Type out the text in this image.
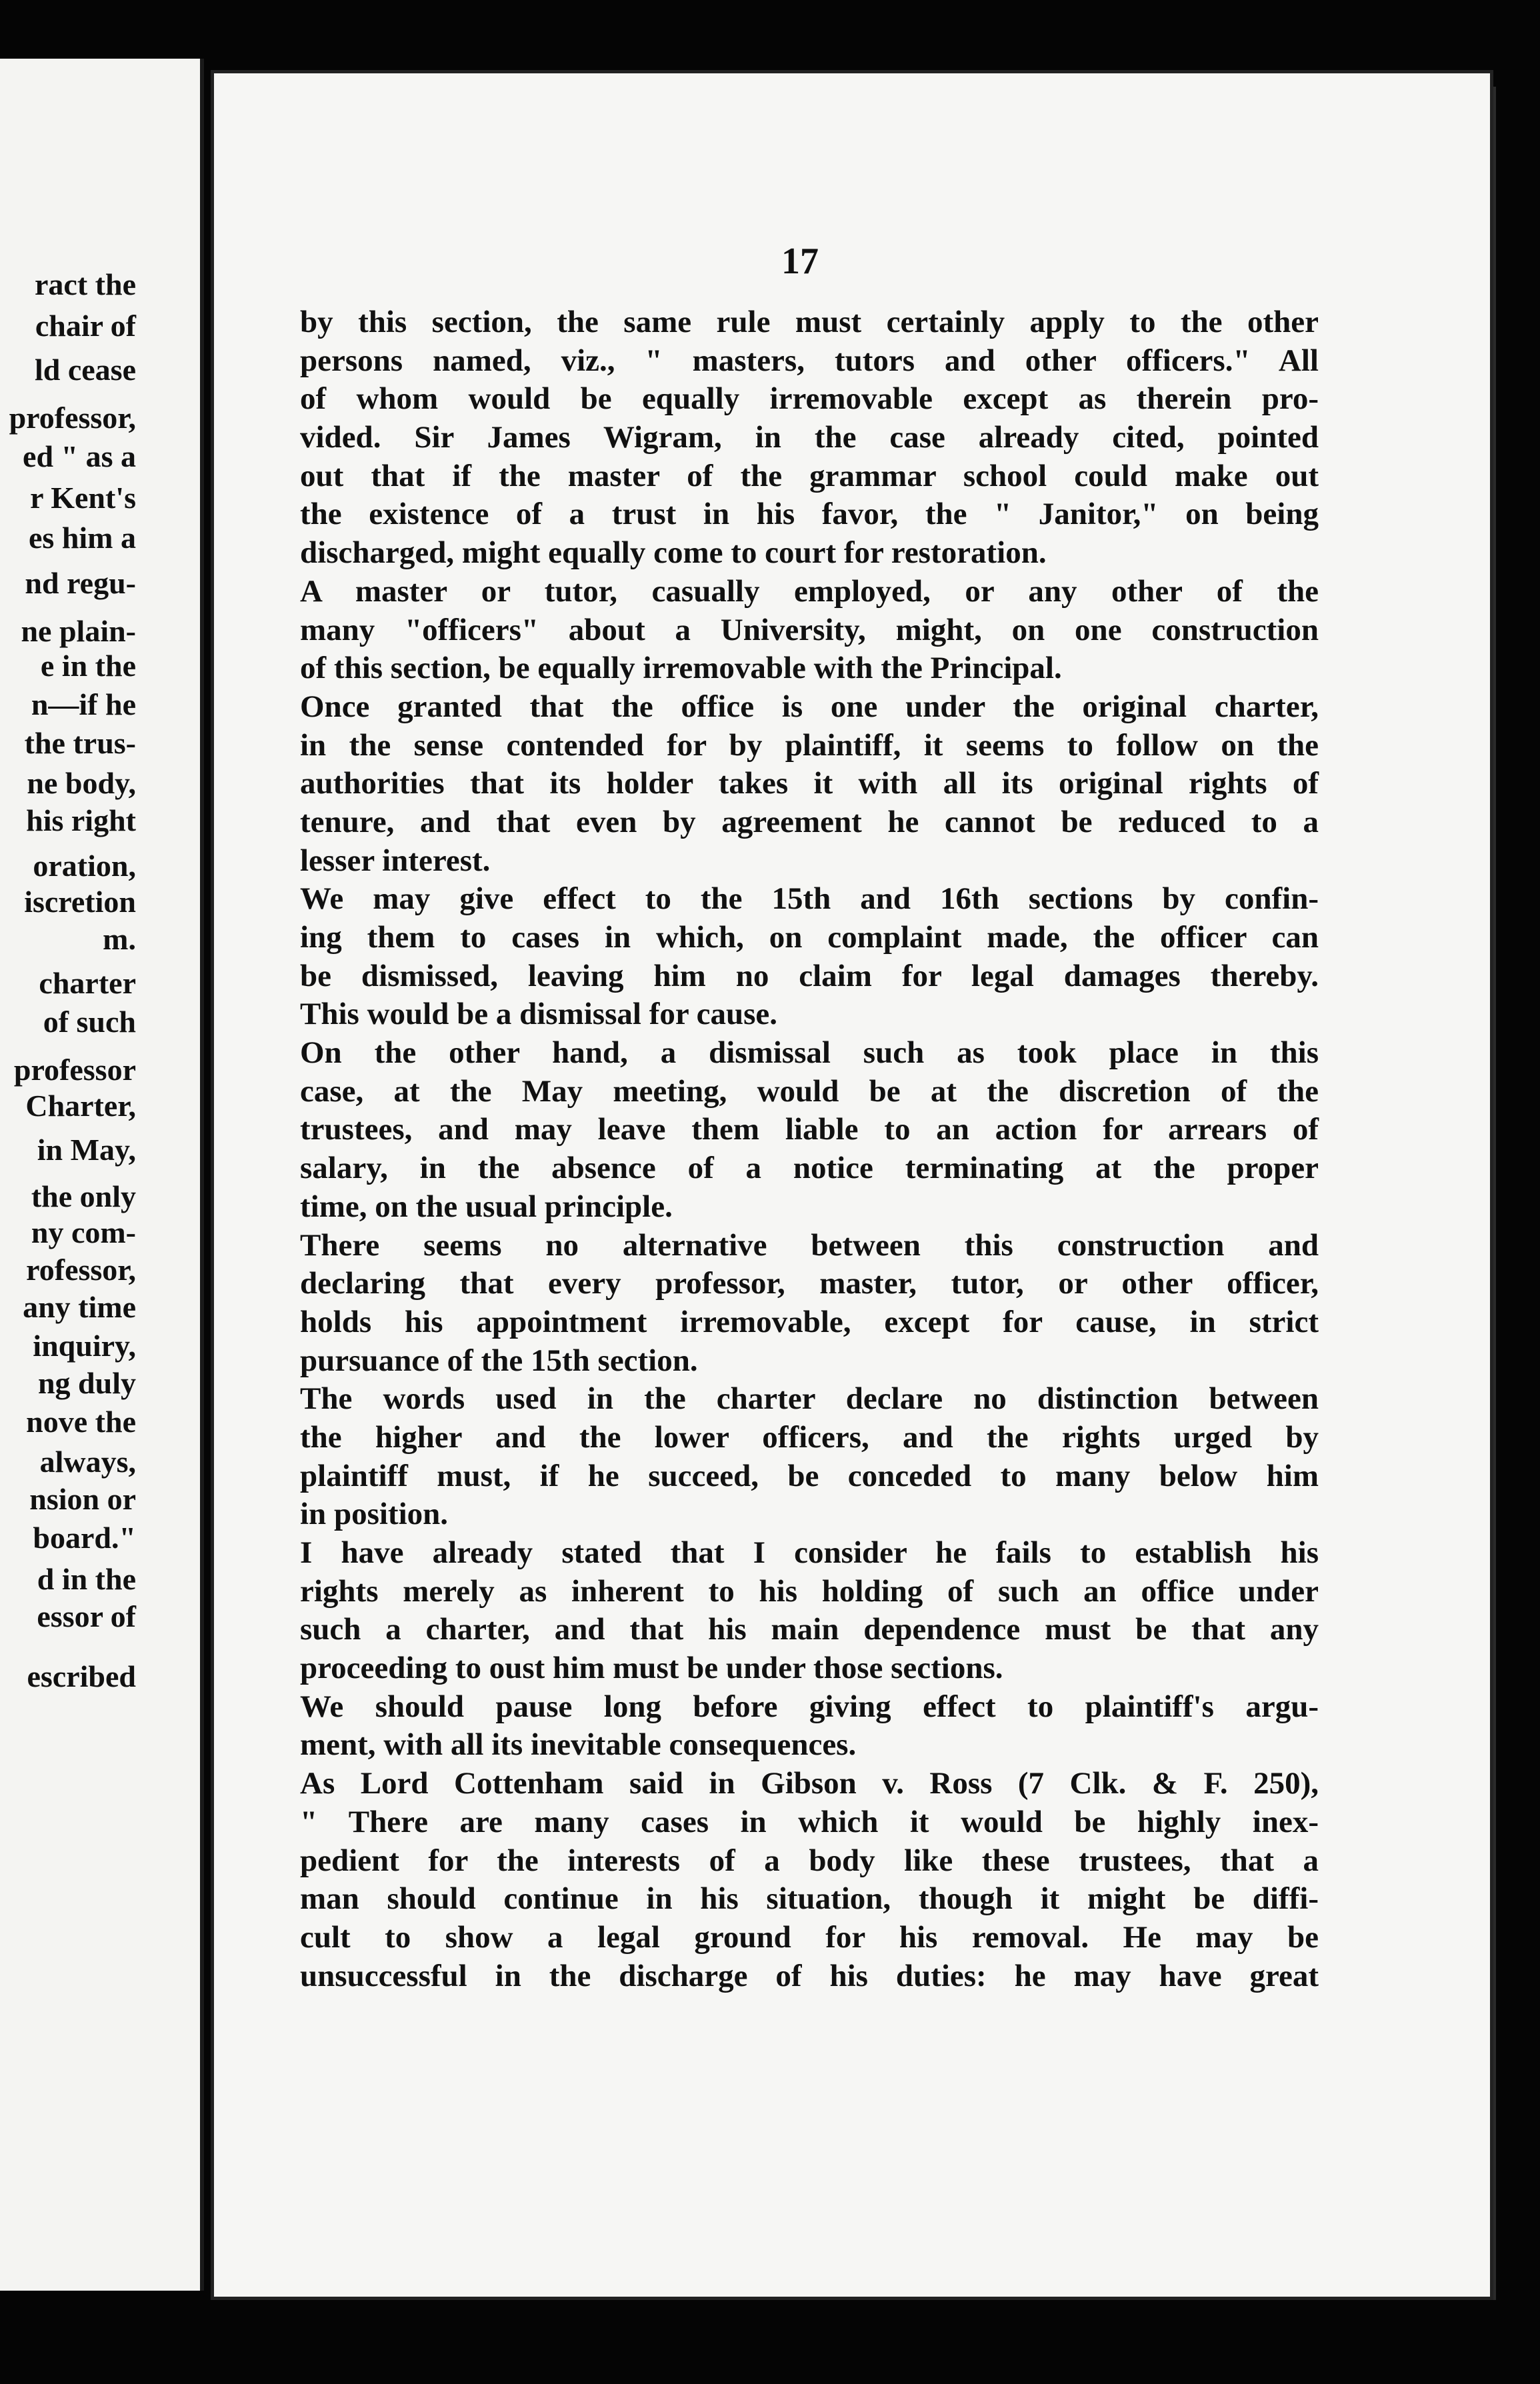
ract the
chair of
ld cease
professor,
ed " as a
r Kent's
es him a
nd regu-
ne plain-
e in the
n—if he
the trus-
ne body,
his right
oration,
iscretion
m.
charter
of such
professor
Charter,
in May,
the only
ny com-
rofessor,
any time
inquiry,
ng duly
nove the
always,
nsion or
board."
d in the
essor of
escribed
17
by this section, the same rule must certainly apply to the other
persons named, viz., " masters, tutors and other officers." All
of whom would be equally irremovable except as therein pro-
vided. Sir James Wigram, in the case already cited, pointed
out that if the master of the grammar school could make out
the existence of a trust in his favor, the " Janitor," on being
discharged, might equally come to court for restoration.
A master or tutor, casually employed, or any other of the
many "officers" about a University, might, on one construction
of this section, be equally irremovable with the Principal.
Once granted that the office is one under the original charter,
in the sense contended for by plaintiff, it seems to follow on the
authorities that its holder takes it with all its original rights of
tenure, and that even by agreement he cannot be reduced to a
lesser interest.
We may give effect to the 15th and 16th sections by confin-
ing them to cases in which, on complaint made, the officer can
be dismissed, leaving him no claim for legal damages thereby.
This would be a dismissal for cause.
On the other hand, a dismissal such as took place in this
case, at the May meeting, would be at the discretion of the
trustees, and may leave them liable to an action for arrears of
salary, in the absence of a notice terminating at the proper
time, on the usual principle.
There seems no alternative between this construction and
declaring that every professor, master, tutor, or other officer,
holds his appointment irremovable, except for cause, in strict
pursuance of the 15th section.
The words used in the charter declare no distinction between
the higher and the lower officers, and the rights urged by
plaintiff must, if he succeed, be conceded to many below him
in position.
I have already stated that I consider he fails to establish his
rights merely as inherent to his holding of such an office under
such a charter, and that his main dependence must be that any
proceeding to oust him must be under those sections.
We should pause long before giving effect to plaintiff's argu-
ment, with all its inevitable consequences.
As Lord Cottenham said in Gibson v. Ross (7 Clk. & F. 250),
" There are many cases in which it would be highly inex-
pedient for the interests of a body like these trustees, that a
man should continue in his situation, though it might be diffi-
cult to show a legal ground for his removal. He may be
unsuccessful in the discharge of his duties: he may have great
